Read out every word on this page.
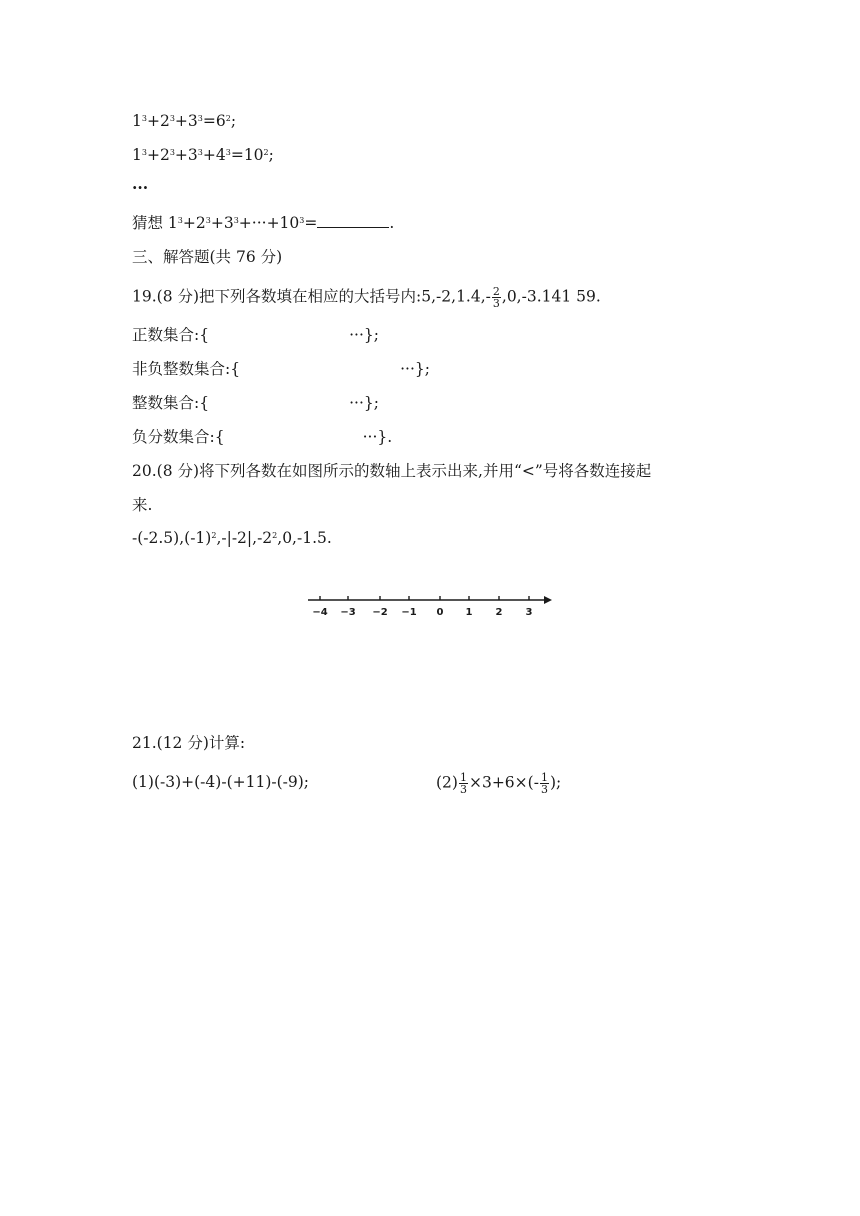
$1^3+2^3+3^3=6^2$;
$1^3+2^3+3^3+4^3=10^2$;
···
猜想 $1^3+2^3+3^3+\cdot\cdot\cdot+10^3=$	.
三、解答题(共 76 分)
19.(8 分)把下列各数填在相应的大括号内:5,-2,1.4,- $\frac{2}{3} ,0,-3.141$ 59.
正数集合:{	···};
非负整数集合:{	···};
整数集合:{	···};
负分数集合:{	···}.
20.(8 分)将下列各数在如图所示的数轴上表示出来,并用“<”号将各数连接起
来.
$-(-2.5),(-1)^2,-|-2|,-2^2,0,-1.5$.
−4 −3 −2 −1 0 1 2 3
21.(12 分)计算:
(1)(-3)+(-4)-(+11)-(-9);	$(2) \frac{1}{3} \times 3+6\times(- \frac{1}{3}$ );
